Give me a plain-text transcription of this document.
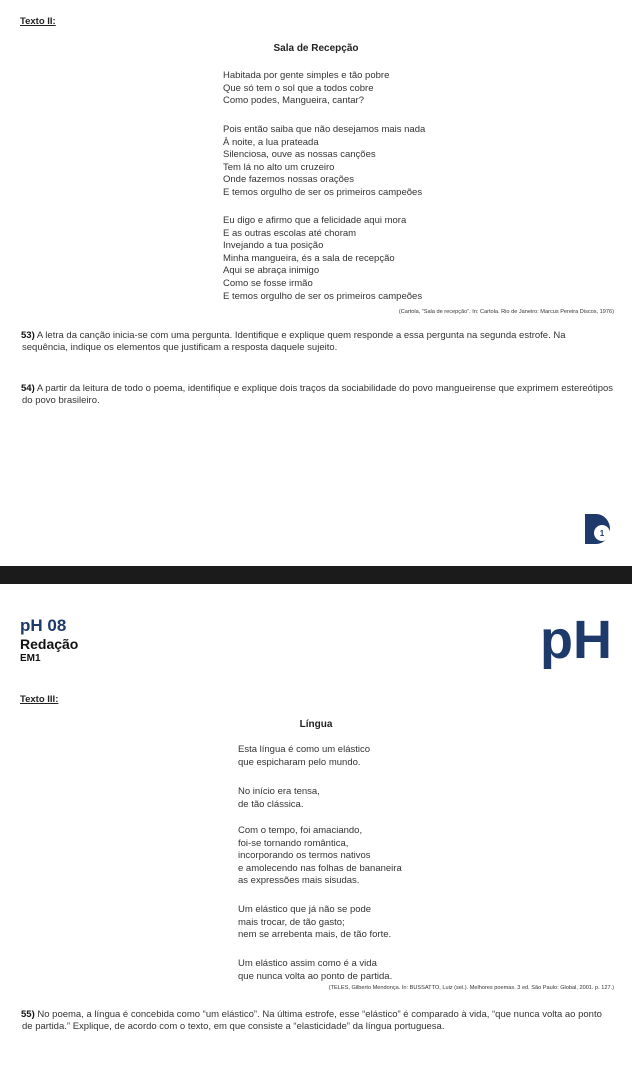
Texto II:
Sala de Recepção
Habitada por gente simples e tão pobre
Que só tem o sol que a todos cobre
Como podes, Mangueira, cantar?
Pois então saiba que não desejamos mais nada
À noite, a lua prateada
Silenciosa, ouve as nossas canções
Tem lá no alto um cruzeiro
Onde fazemos nossas orações
E temos orgulho de ser os primeiros campeões
Eu digo e afirmo que a felicidade aqui mora
E as outras escolas até choram
Invejando a tua posição
Minha mangueira, és a sala de recepção
Aqui se abraça inimigo
Como se fosse irmão
E temos orgulho de ser os primeiros campeões
(Cartola, “Sala de recepção”. In: Cartola. Rio de Janeiro: Marcus Pereira Discos, 1976)
53) A letra da canção inicia-se com uma pergunta. Identifique e explique quem responde a essa pergunta na segunda estrofe. Na sequência, indique os elementos que justificam a resposta daquele sujeito.
54) A partir da leitura de todo o poema, identifique e explique dois traços da sociabilidade do povo mangueirense que exprimem estereótipos do povo brasileiro.
1
pH 08
Redação
EM1	pH
Texto III:
Língua
Esta língua é como um elástico
que espicharam pelo mundo.
No início era tensa,
de tão clássica.
Com o tempo, foi amaciando,
foi-se tornando romântica,
incorporando os termos nativos
e amolecendo nas folhas de bananeira
as expressões mais sisudas.
Um elástico que já não se pode
mais trocar, de tão gasto;
nem se arrebenta mais, de tão forte.
Um elástico assim como é a vida
que nunca volta ao ponto de partida.
(TELES, Gilberto Mendonça. In: BUSSATTO, Luiz (sel.). Melhores poemas. 3 ed. São Paulo: Global, 2001. p. 127.)
55) No poema, a língua é concebida como “um elástico”. Na última estrofe, esse “elástico” é comparado à vida, “que nunca volta ao ponto de partida.” Explique, de acordo com o texto, em que consiste a “elasticidade” da língua portuguesa.
